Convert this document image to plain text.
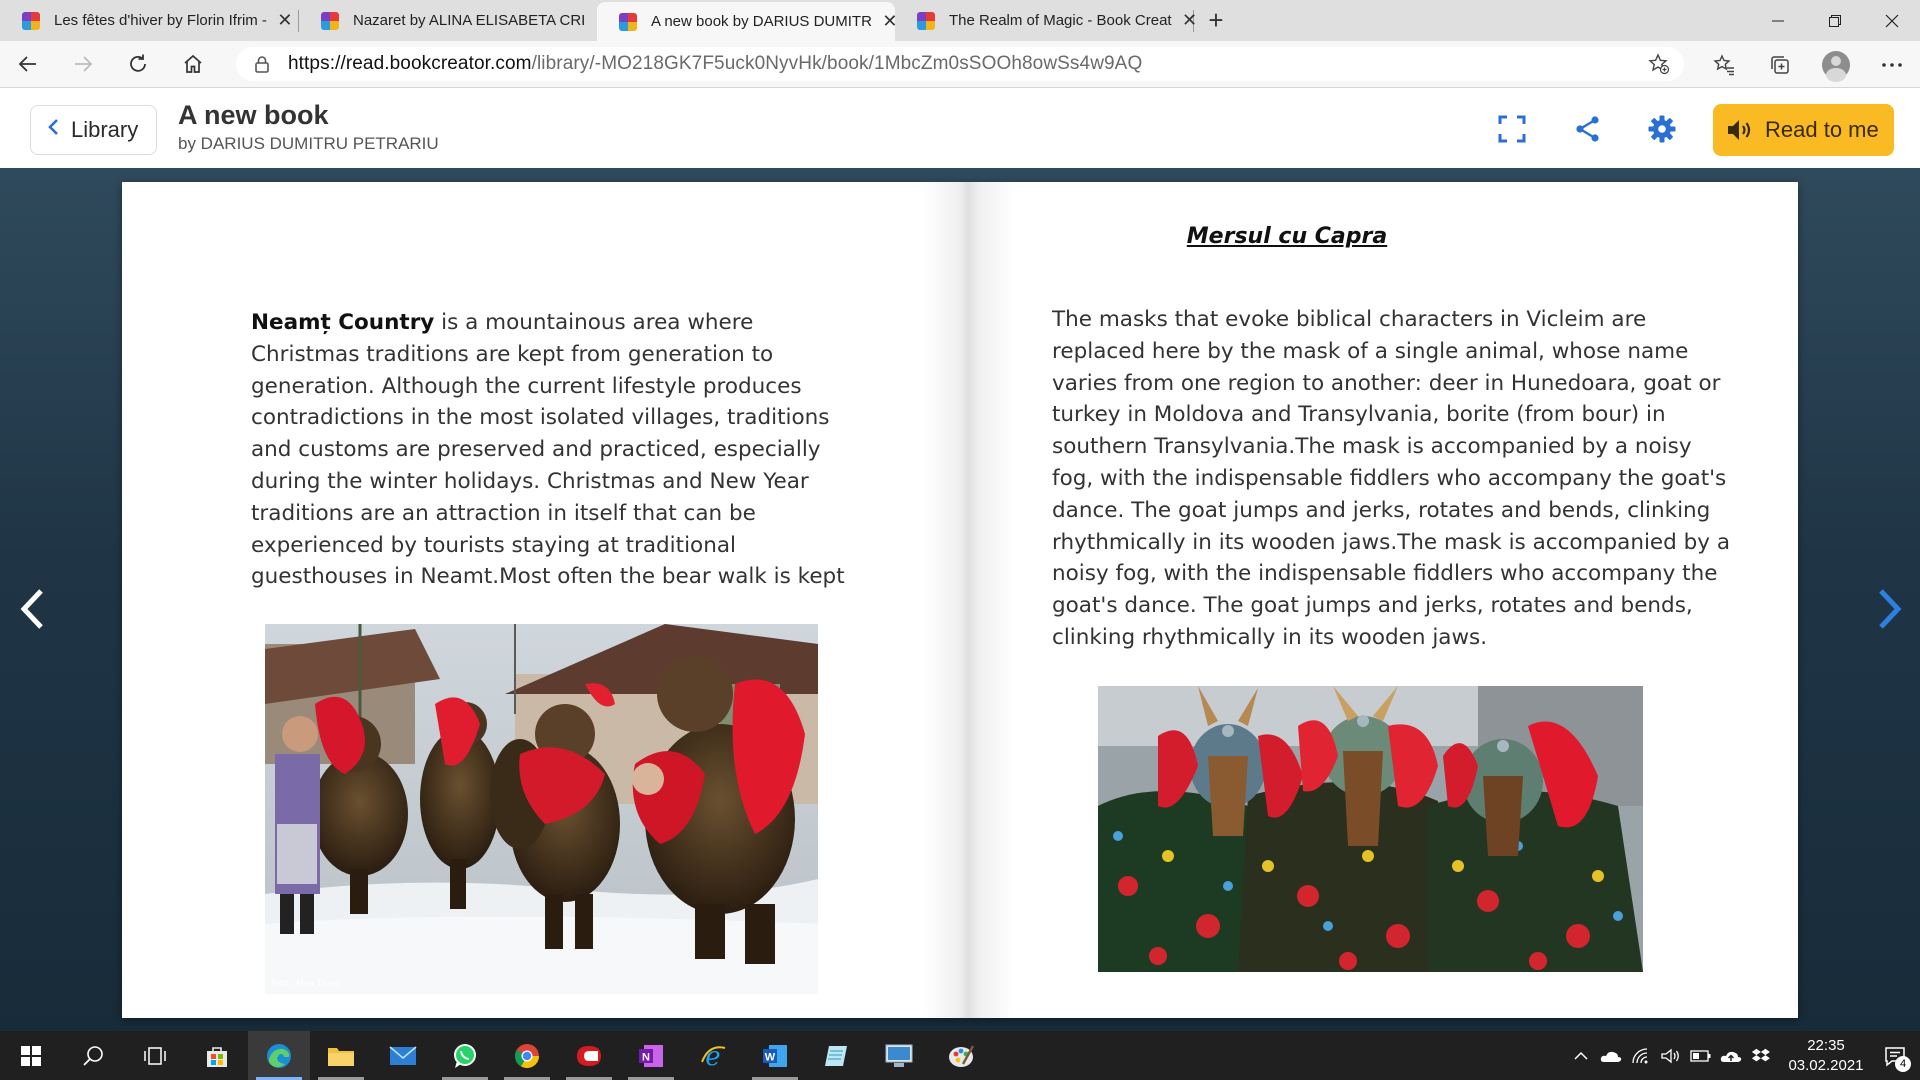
Les fêtes d'hiver by Florin Ifrim - ✕	Nazaret by ALINA ELISABETA CRI	A new book by DARIUS DUMITR ✕	The Realm of Magic - Book Creat ✕ +
https://read.bookcreator.com/library/-MO218GK7F5uck0NyvHk/book/1MbcZm0sSOOh8owSs4w9AQ
Library A new book
by DARIUS DUMITRU PETRARIU
Read to me

Neamț Country is a mountainous area where Christmas traditions are kept from generation to generation. Although the current lifestyle produces contradictions in the most isolated villages, traditions and customs are preserved and practiced, especially during the winter holidays. Christmas and New Year traditions are an attraction in itself that can be experienced by tourists staying at traditional guesthouses in Neamt.Most often the bear walk is kept

foto: Alex Duse
Mersul cu Capra

The masks that evoke biblical characters in Vicleim are replaced here by the mask of a single animal, whose name varies from one region to another: deer in Hunedoara, goat or turkey in Moldova and Transylvania, borite (from bour) in southern Transylvania.The mask is accompanied by a noisy fog, with the indispensable fiddlers who accompany the goat's dance. The goat jumps and jerks, rotates and bends, clinking rhythmically in its wooden jaws.The mask is accompanied by a noisy fog, with the indispensable fiddlers who accompany the goat's dance. The goat jumps and jerks, rotates and bends, clinking rhythmically in its wooden jaws.

N e	W
22:35
03.02.2021	4
